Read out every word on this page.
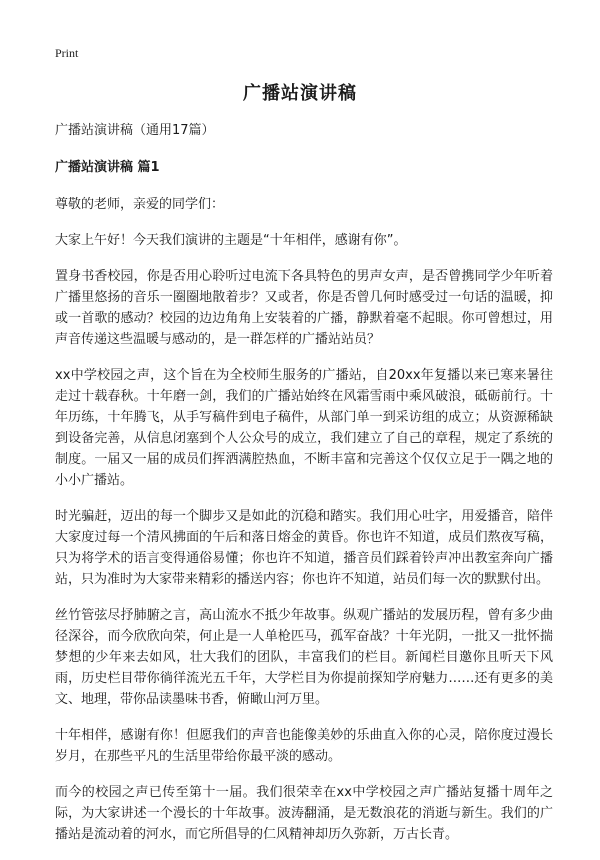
Print
广播站演讲稿

广播站演讲稿（通用17篇）

广播站演讲稿 篇1

尊敬的老师，亲爱的同学们：

大家上午好！今天我们演讲的主题是“十年相伴，感谢有你”。

置身书香校园，你是否用心聆听过电流下各具特色的男声女声，是否曾携同学少年听着广播里悠扬的音乐一圈圈地散着步？又或者，你是否曾几何时感受过一句话的温暖，抑或一首歌的感动？校园的边边角角上安装着的广播，静默着毫不起眼。你可曾想过，用声音传递这些温暖与感动的，是一群怎样的广播站站员？

xx中学校园之声，这个旨在为全校师生服务的广播站，自20xx年复播以来已寒来暑往走过十载春秋。十年磨一剑，我们的广播站始终在风霜雪雨中乘风破浪，砥砺前行。十年历练，十年腾飞，从手写稿件到电子稿件，从部门单一到采访组的成立；从资源稀缺到设备完善，从信息闭塞到个人公众号的成立，我们建立了自己的章程，规定了系统的制度。一届又一届的成员们挥洒满腔热血，不断丰富和完善这个仅仅立足于一隅之地的小小广播站。

时光骗赶，迈出的每一个脚步又是如此的沉稳和踏实。我们用心吐字，用爱播音，陪伴大家度过每一个清风拂面的午后和落日熔金的黄昏。你也许不知道，成员们熬夜写稿，只为将学术的语言变得通俗易懂；你也许不知道，播音员们踩着铃声冲出教室奔向广播站，只为准时为大家带来精彩的播送内容；你也许不知道，站员们每一次的默默付出。

丝竹管弦尽抒肺腑之言，高山流水不抵少年故事。纵观广播站的发展历程，曾有多少曲径深谷，而今欣欣向荣，何止是一人单枪匹马，孤军奋战？十年光阴，一批又一批怀揣梦想的少年来去如风，壮大我们的团队，丰富我们的栏目。新闻栏目邀你且听天下风雨，历史栏目带你徜徉流光五千年，大学栏目为你提前探知学府魅力……还有更多的美文、地理，带你品读墨味书香，俯瞰山河万里。

十年相伴，感谢有你！但愿我们的声音也能像美妙的乐曲直入你的心灵，陪你度过漫长岁月，在那些平凡的生活里带给你最平淡的感动。

而今的校园之声已传至第十一届。我们很荣幸在xx中学校园之声广播站复播十周年之际，为大家讲述一个漫长的十年故事。波涛翻涌，是无数浪花的消逝与新生。我们的广播站是流动着的河水，而它所倡导的仁风精神却历久弥新，万古长青。
